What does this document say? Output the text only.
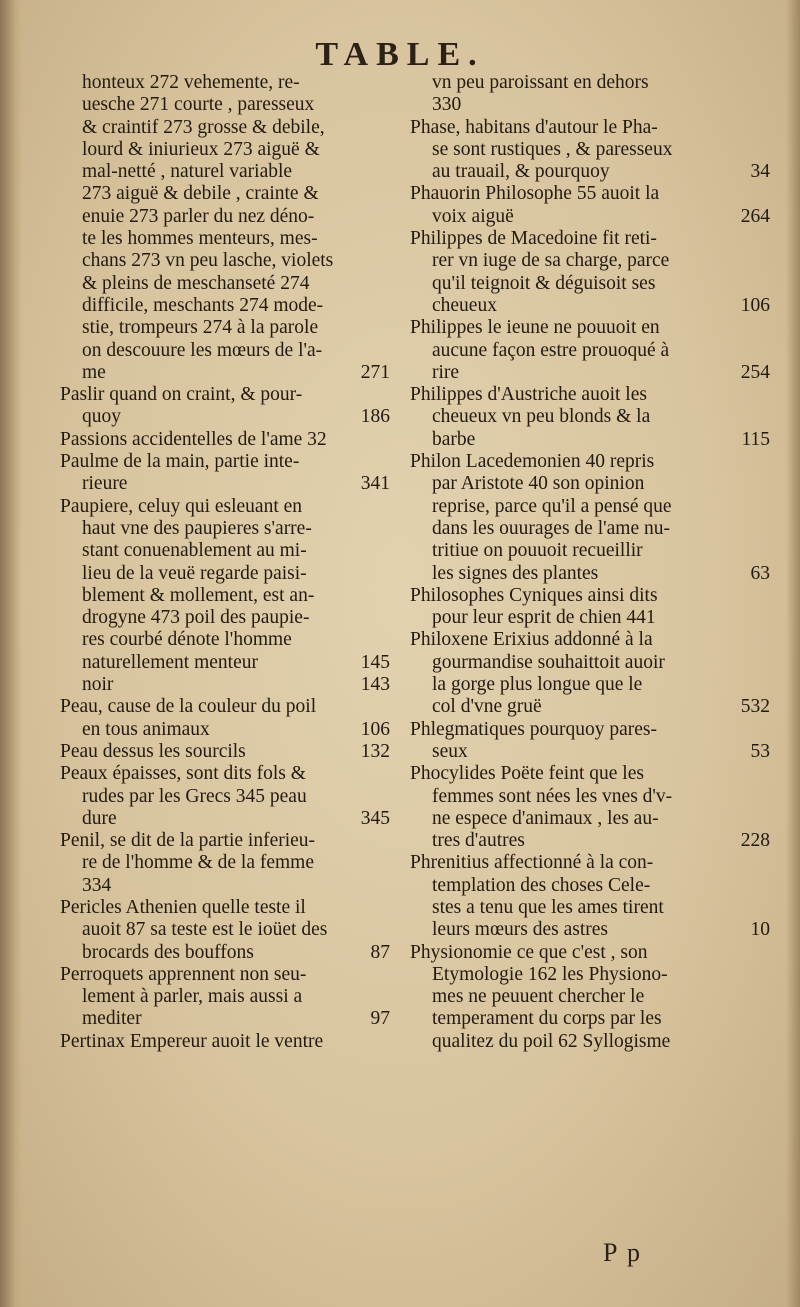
TABLE.
honteux 272 vehemente, re-
uesche 271 courte , paresseux
& craintif 273 grosse & debile,
lourd & iniurieux 273 aiguë &
mal-netté , naturel variable
273 aiguë & debile , crainte &
enuie 273 parler du nez déno-
te les hommes menteurs, mes-
chans 273 vn peu lasche, violets
& pleins de meschanseté 274
difficile, meschants 274 mode-
stie, trompeurs 274 à la parole
on descouure les mœurs de l'a-
271
me
Paslir quand on craint, & pour-
186
quoy
Passions accidentelles de l'ame 32
Paulme de la main, partie inte-
341
rieure
Paupiere, celuy qui esleuant en
haut vne des paupieres s'arre-
stant conuenablement au mi-
lieu de la veuë regarde paisi-
blement & mollement, est an-
drogyne 473 poil des paupie-
res courbé dénote l'homme
145
naturellement menteur
143
noir
Peau, cause de la couleur du poil
106
en tous animaux
132
Peau dessus les sourcils
Peaux épaisses, sont dits fols &
rudes par les Grecs 345 peau
345
dure
Penil, se dit de la partie inferieu-
re de l'homme & de la femme
334
Pericles Athenien quelle teste il
auoit 87 sa teste est le ioüet des
87
brocards des bouffons
Perroquets apprennent non seu-
lement à parler, mais aussi a
97
mediter
Pertinax Empereur auoit le ventre
vn peu paroissant en dehors
330
Phase, habitans d'autour le Pha-
se sont rustiques , & paresseux
34
au trauail, & pourquoy
Phauorin Philosophe 55 auoit la
264
voix aiguë
Philippes de Macedoine fit reti-
rer vn iuge de sa charge, parce
qu'il teignoit & déguisoit ses
106
cheueux
Philippes le ieune ne pouuoit en
aucune façon estre prouoqué à
254
rire
Philippes d'Austriche auoit les
cheueux vn peu blonds & la
115
barbe
Philon Lacedemonien 40 repris
par Aristote 40 son opinion
reprise, parce qu'il a pensé que
dans les ouurages de l'ame nu-
tritiue on pouuoit recueillir
63
les signes des plantes
Philosophes Cyniques ainsi dits
pour leur esprit de chien 441
Philoxene Erixius addonné à la
gourmandise souhaittoit auoir
la gorge plus longue que le
532
col d'vne gruë
Phlegmatiques pourquoy pares-
53
seux
Phocylides Poëte feint que les
femmes sont nées les vnes d'v-
ne espece d'animaux , les au-
228
tres d'autres
Phrenitius affectionné à la con-
templation des choses Cele-
stes a tenu que les ames tirent
10
leurs mœurs des astres
Physionomie ce que c'est , son
Etymologie 162 les Physiono-
mes ne peuuent chercher le
temperament du corps par les
qualitez du poil 62 Syllogisme
P p
